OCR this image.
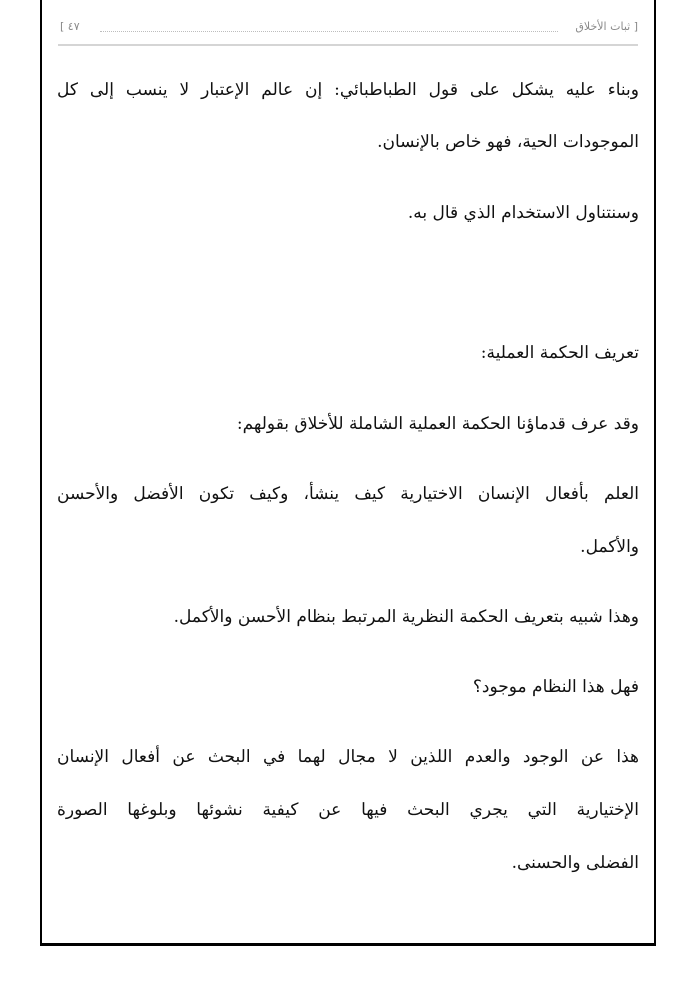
[ ثبات الأخلاق
٤٧ ]
وبناء عليه يشكل على قول الطباطبائي: إن عالم الإعتبار لا ينسب إلى كل
الموجودات الحية، فهو خاص بالإنسان.
وسنتناول الاستخدام الذي قال به.
تعريف الحكمة العملية:
وقد عرف قدماؤنا الحكمة العملية الشاملة للأخلاق بقولهم:
العلم بأفعال الإنسان الاختيارية كيف ينشأ، وكيف تكون الأفضل والأحسن
والأكمل.
وهذا شبيه بتعريف الحكمة النظرية المرتبط بنظام الأحسن والأكمل.
فهل هذا النظام موجود؟
هذا عن الوجود والعدم اللذين لا مجال لهما في البحث عن أفعال الإنسان
الإختيارية التي يجري البحث فيها عن كيفية نشوئها وبلوغها الصورة
الفضلى والحسنى.
